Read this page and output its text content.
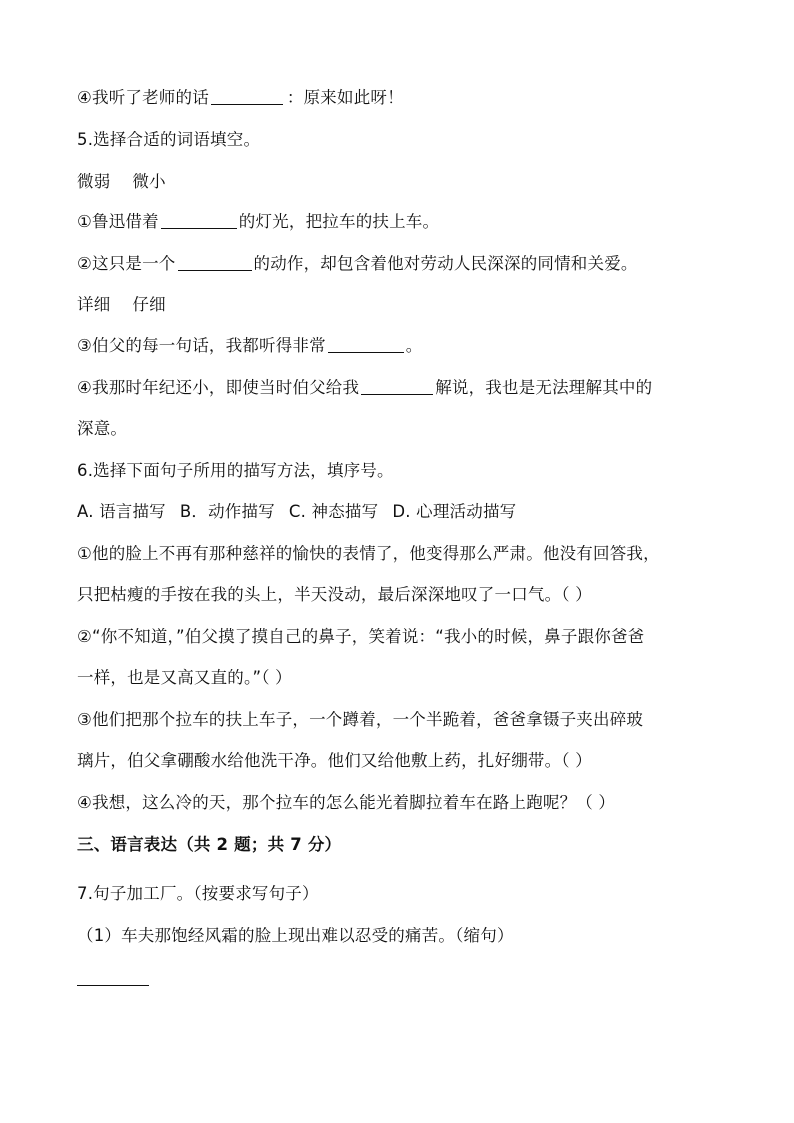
④我听了老师的话	：原来如此呀！
5.选择合适的词语填空。
微弱 微小
①鲁迅借着	的灯光，把拉车的扶上车。
②这只是一个	的动作，却包含着他对劳动人民深深的同情和关爱。
详细 仔细
③伯父的每一句话，我都听得非常	。
④我那时年纪还小，即使当时伯父给我	解说，我也是无法理解其中的
深意。
6.选择下面句子所用的描写方法，填序号。
A. 语言描写 B．动作描写 C. 神态描写 D. 心理活动描写
①他的脸上不再有那种慈祥的愉快的表情了，他变得那么严肃。他没有回答我，
只把枯瘦的手按在我的头上，半天没动，最后深深地叹了一口气。（ ）
②“你不知道，”伯父摸了摸自己的鼻子，笑着说：“我小的时候，鼻子跟你爸爸
一样，也是又高又直的。”（ ）
③他们把那个拉车的扶上车子，一个蹲着，一个半跪着，爸爸拿镊子夹出碎玻
璃片，伯父拿硼酸水给他洗干净。他们又给他敷上药，扎好绷带。（ ）
④我想，这么冷的天，那个拉车的怎么能光着脚拉着车在路上跑呢？（ ）
三、语言表达（共 2 题；共 7 分）
7.句子加工厂。（按要求写句子）
（1）车夫那饱经风霜的脸上现出难以忍受的痛苦。（缩句）
